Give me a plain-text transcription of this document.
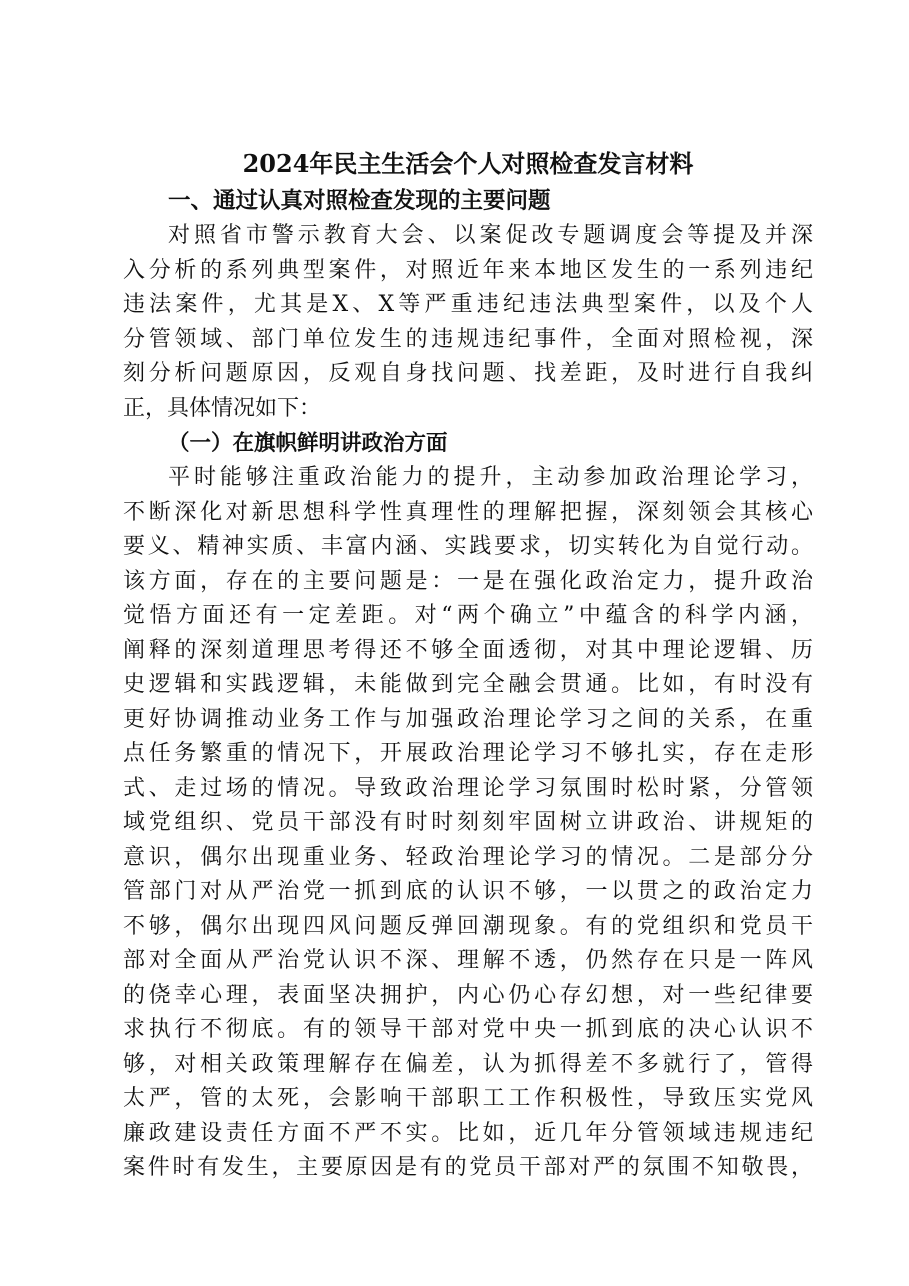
2024年民主生活会个人对照检查发言材料
一、通过认真对照检查发现的主要问题
对照省市警示教育大会、以案促改专题调度会等提及并深
入分析的系列典型案件，对照近年来本地区发生的一系列违纪
违法案件，尤其是X、X等严重违纪违法典型案件，以及个人
分管领域、部门单位发生的违规违纪事件，全面对照检视，深
刻分析问题原因，反观自身找问题、找差距，及时进行自我纠
正，具体情况如下：
（一）在旗帜鲜明讲政治方面
平时能够注重政治能力的提升，主动参加政治理论学习，
不断深化对新思想科学性真理性的理解把握，深刻领会其核心
要义、精神实质、丰富内涵、实践要求，切实转化为自觉行动。
该方面，存在的主要问题是：一是在强化政治定力，提升政治
觉悟方面还有一定差距。对“两个确立”中蕴含的科学内涵，
阐释的深刻道理思考得还不够全面透彻，对其中理论逻辑、历
史逻辑和实践逻辑，未能做到完全融会贯通。比如，有时没有
更好协调推动业务工作与加强政治理论学习之间的关系，在重
点任务繁重的情况下，开展政治理论学习不够扎实，存在走形
式、走过场的情况。导致政治理论学习氛围时松时紧，分管领
域党组织、党员干部没有时时刻刻牢固树立讲政治、讲规矩的
意识，偶尔出现重业务、轻政治理论学习的情况。二是部分分
管部门对从严治党一抓到底的认识不够，一以贯之的政治定力
不够，偶尔出现四风问题反弹回潮现象。有的党组织和党员干
部对全面从严治党认识不深、理解不透，仍然存在只是一阵风
的侥幸心理，表面坚决拥护，内心仍心存幻想，对一些纪律要
求执行不彻底。有的领导干部对党中央一抓到底的决心认识不
够，对相关政策理解存在偏差，认为抓得差不多就行了，管得
太严，管的太死，会影响干部职工工作积极性，导致压实党风
廉政建设责任方面不严不实。比如，近几年分管领域违规违纪
案件时有发生，主要原因是有的党员干部对严的氛围不知敬畏，
